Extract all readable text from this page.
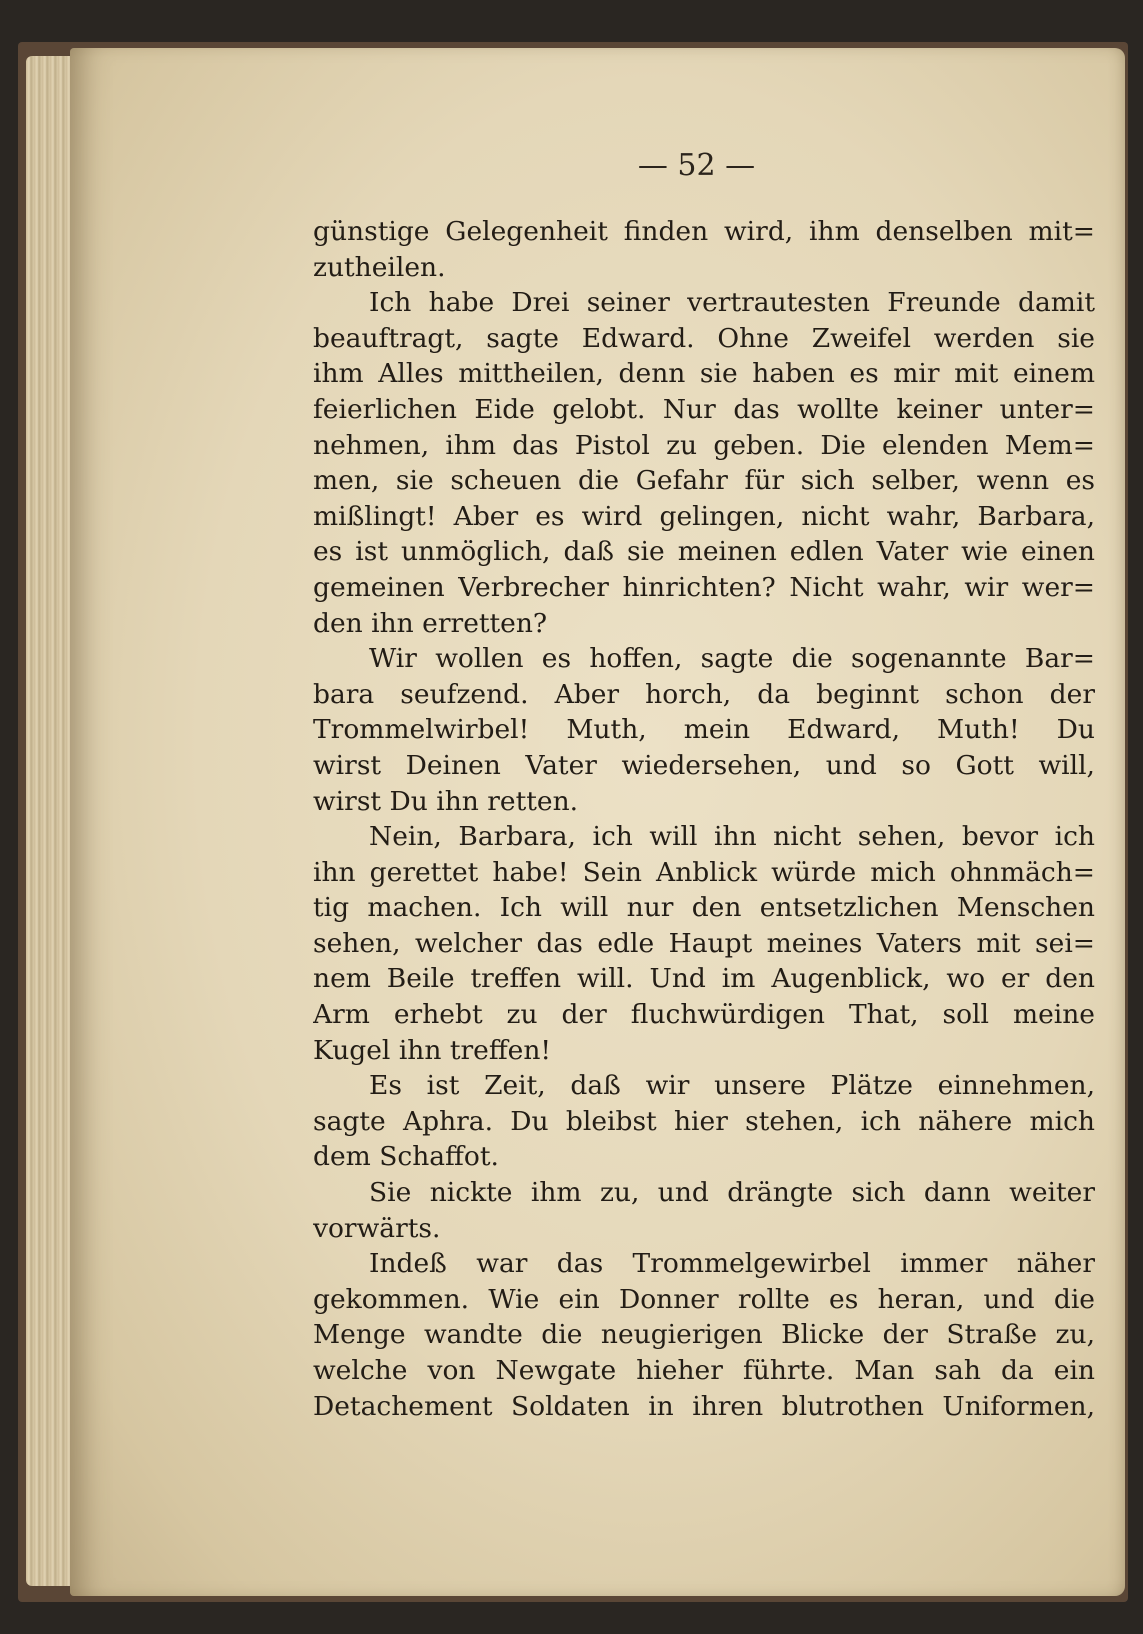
— 52 —
günstige Gelegenheit finden wird, ihm denselben mit=
zutheilen.
Ich habe Drei seiner vertrautesten Freunde damit
beauftragt, sagte Edward. Ohne Zweifel werden sie
ihm Alles mittheilen, denn sie haben es mir mit einem
feierlichen Eide gelobt. Nur das wollte keiner unter=
nehmen, ihm das Pistol zu geben. Die elenden Mem=
men, sie scheuen die Gefahr für sich selber, wenn es
mißlingt! Aber es wird gelingen, nicht wahr, Barbara,
es ist unmöglich, daß sie meinen edlen Vater wie einen
gemeinen Verbrecher hinrichten? Nicht wahr, wir wer=
den ihn erretten?
Wir wollen es hoffen, sagte die sogenannte Bar=
bara seufzend. Aber horch, da beginnt schon der
Trommelwirbel! Muth, mein Edward, Muth! Du
wirst Deinen Vater wiedersehen, und so Gott will,
wirst Du ihn retten.
Nein, Barbara, ich will ihn nicht sehen, bevor ich
ihn gerettet habe! Sein Anblick würde mich ohnmäch=
tig machen. Ich will nur den entsetzlichen Menschen
sehen, welcher das edle Haupt meines Vaters mit sei=
nem Beile treffen will. Und im Augenblick, wo er den
Arm erhebt zu der fluchwürdigen That, soll meine
Kugel ihn treffen!
Es ist Zeit, daß wir unsere Plätze einnehmen,
sagte Aphra. Du bleibst hier stehen, ich nähere mich
dem Schaffot.
Sie nickte ihm zu, und drängte sich dann weiter
vorwärts.
Indeß war das Trommelgewirbel immer näher
gekommen. Wie ein Donner rollte es heran, und die
Menge wandte die neugierigen Blicke der Straße zu,
welche von Newgate hieher führte. Man sah da ein
Detachement Soldaten in ihren blutrothen Uniformen,
